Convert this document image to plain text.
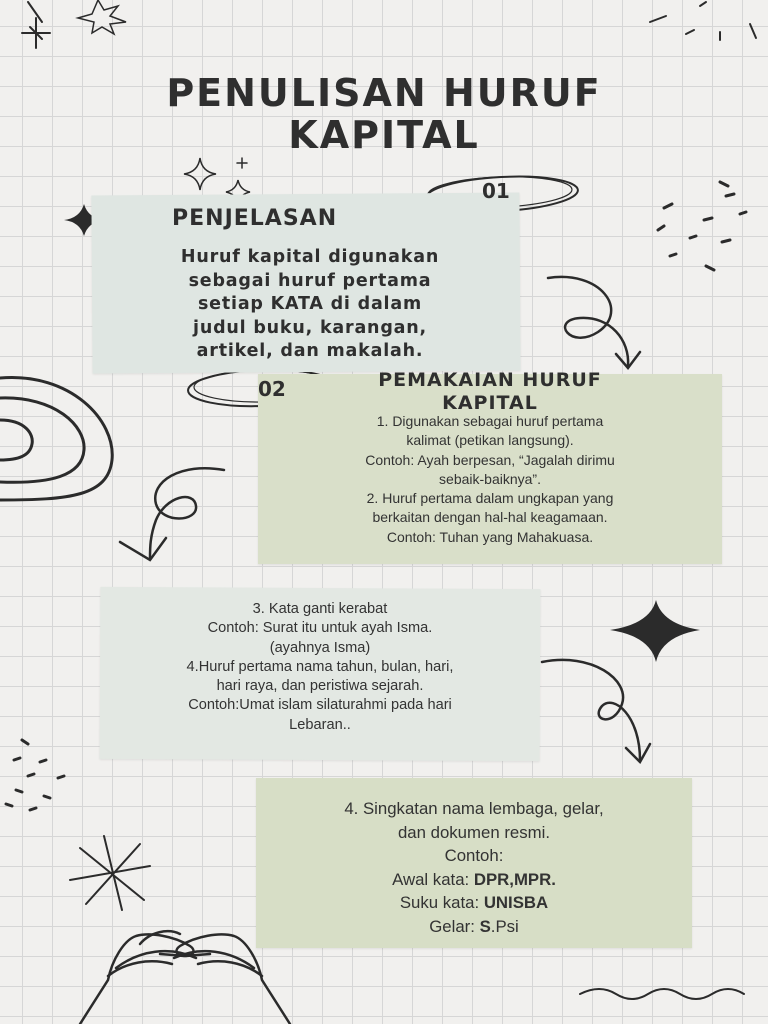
PENULISAN HURUF
KAPITAL
01
PENJELASAN
Huruf kapital digunakan
sebagai huruf pertama
setiap KATA di dalam
judul buku, karangan,
artikel, dan makalah.
02	PEMAKAIAN HURUF
KAPITAL
1. Digunakan sebagai huruf pertama
kalimat (petikan langsung).
Contoh: Ayah berpesan, “Jagalah dirimu
sebaik-baiknya”.
2. Huruf pertama dalam ungkapan yang
berkaitan dengan hal-hal keagamaan.
Contoh: Tuhan yang Mahakuasa.
3. Kata ganti kerabat
Contoh: Surat itu untuk ayah Isma.
(ayahnya Isma)
4.Huruf pertama nama tahun, bulan, hari,
hari raya, dan peristiwa sejarah.
Contoh:Umat islam silaturahmi pada hari
Lebaran..
4. Singkatan nama lembaga, gelar,
dan dokumen resmi.
Contoh:
Awal kata: DPR,MPR.
Suku kata: UNISBA
Gelar: S.Psi
